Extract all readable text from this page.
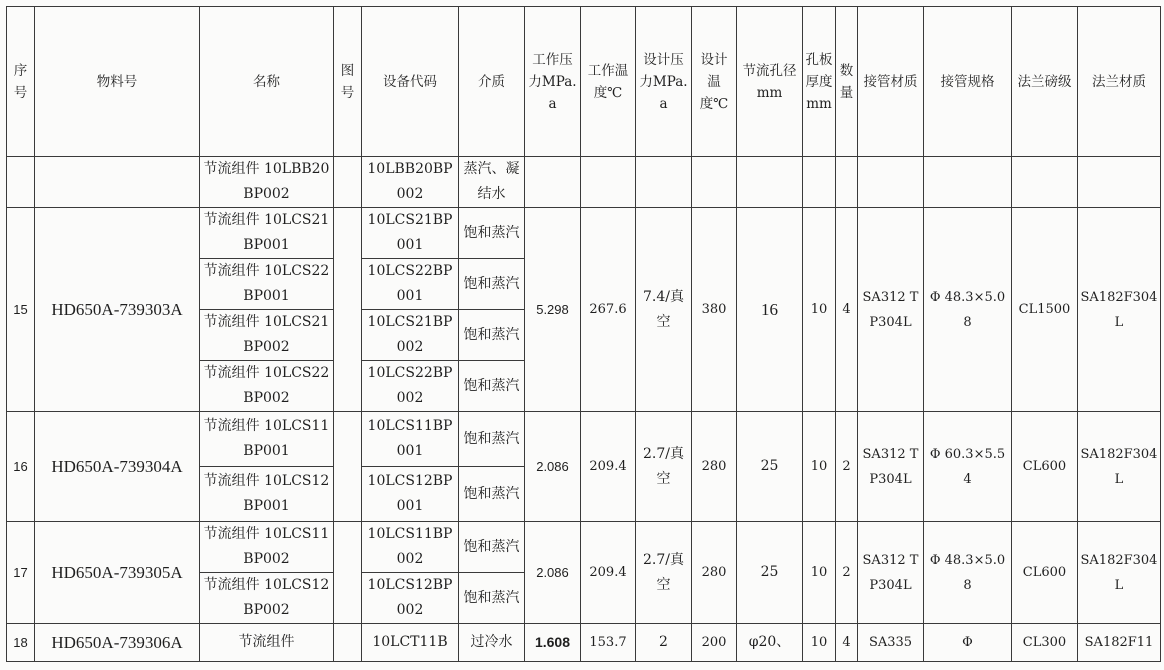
序号	物料号	名称	图号	设备代码	介质	工作压力MPa.a	工作温度℃	设计压力MPa.a	设计温度℃	节流孔径mm	孔板厚度mm	数量	接管材质	接管规格	法兰磅级	法兰材质
		节流组件 10LBB20BP002		10LBB20BP002	蒸汽、凝结水											
15	HD650A-739303A	节流组件 10LCS21BP001		10LCS21BP001	饱和蒸汽	5.298	267.6	7.4/真空	380	16	10	4	SA312 TP304L	Φ 48.3×5.08	CL1500	SA182F304L
		节流组件 10LCS22BP001		10LCS22BP001	饱和蒸汽											
		节流组件 10LCS21BP002		10LCS21BP002	饱和蒸汽											
		节流组件 10LCS22BP002		10LCS22BP002	饱和蒸汽											
16	HD650A-739304A	节流组件 10LCS11BP001		10LCS11BP001	饱和蒸汽	2.086	209.4	2.7/真空	280	25	10	2	SA312 TP304L	Φ 60.3×5.54	CL600	SA182F304L
		节流组件 10LCS12BP001		10LCS12BP001	饱和蒸汽											
17	HD650A-739305A	节流组件 10LCS11BP002		10LCS11BP002	饱和蒸汽	2.086	209.4	2.7/真空	280	25	10	2	SA312 TP304L	Φ 48.3×5.08	CL600	SA182F304L
		节流组件 10LCS12BP002		10LCS12BP002	饱和蒸汽											
18	HD650A-739306A	节流组件		10LCT11B	过冷水	1.608	153.7	2	200	φ20、	10	4	SA335	Φ	CL300	SA182F11
